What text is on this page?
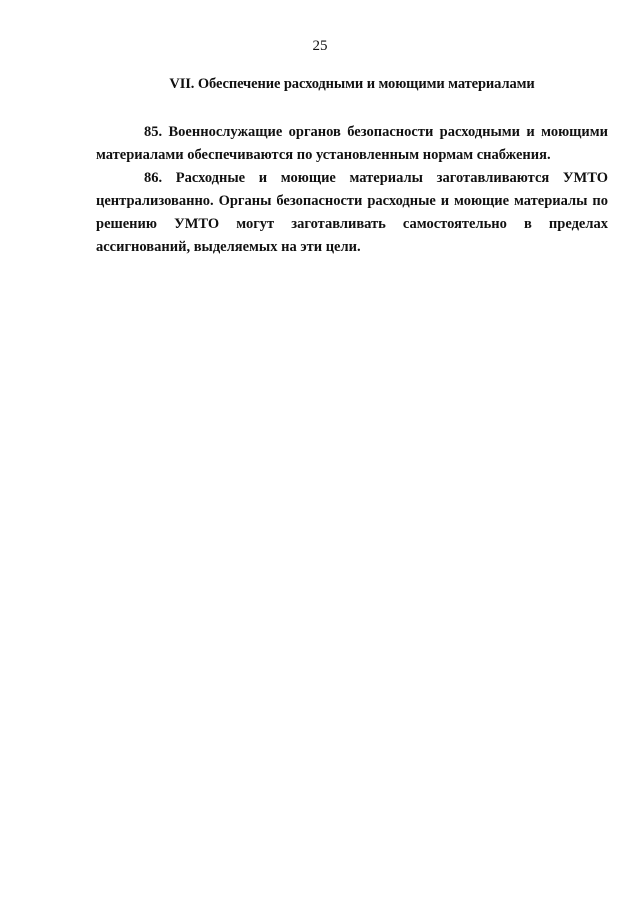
25
VII. Обеспечение расходными и моющими материалами

85. Военнослужащие органов безопасности расходными и моющими материалами обеспечиваются по установленным нормам снабжения.

86. Расходные и моющие материалы заготавливаются УМТО централизованно. Органы безопасности расходные и моющие материалы по решению УМТО могут заготавливать самостоятельно в пределах ассигнований, выделяемых на эти цели.
